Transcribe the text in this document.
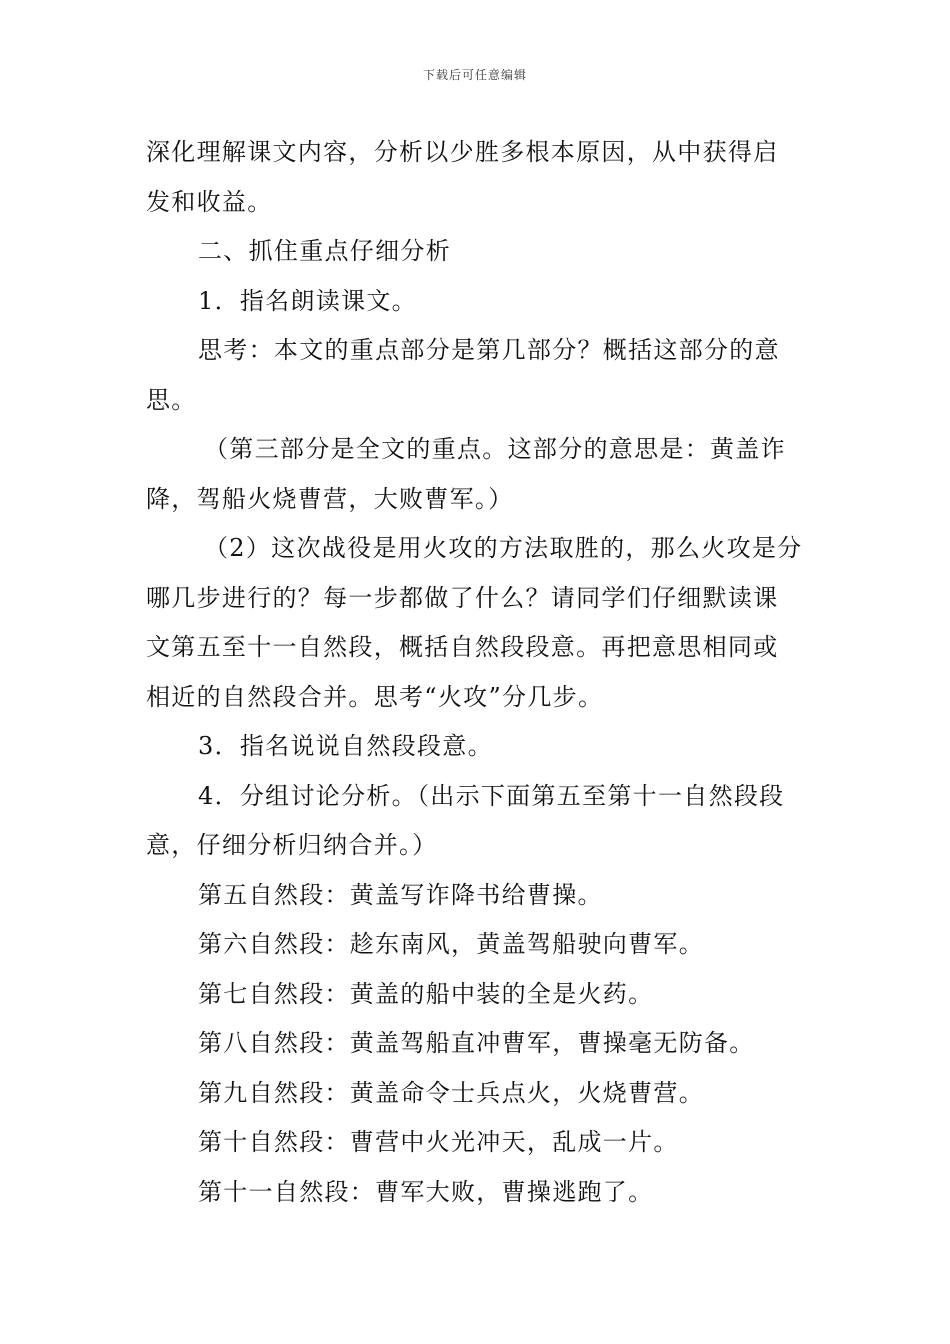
下载后可任意编辑

深化理解课文内容，分析以少胜多根本原因，从中获得启

发和收益。

二、抓住重点仔细分析

1．指名朗读课文。

思考：本文的重点部分是第几部分？概括这部分的意

思。

（第三部分是全文的重点。这部分的意思是：黄盖诈

降，驾船火烧曹营，大败曹军。）

（2）这次战役是用火攻的方法取胜的，那么火攻是分

哪几步进行的？每一步都做了什么？请同学们仔细默读课

文第五至十一自然段，概括自然段段意。再把意思相同或

相近的自然段合并。思考“火攻”分几步。

3．指名说说自然段段意。

4．分组讨论分析。（出示下面第五至第十一自然段段

意，仔细分析归纳合并。）

第五自然段：黄盖写诈降书给曹操。

第六自然段：趁东南风，黄盖驾船驶向曹军。

第七自然段：黄盖的船中装的全是火药。

第八自然段：黄盖驾船直冲曹军，曹操毫无防备。

第九自然段：黄盖命令士兵点火，火烧曹营。

第十自然段：曹营中火光冲天，乱成一片。

第十一自然段：曹军大败，曹操逃跑了。
